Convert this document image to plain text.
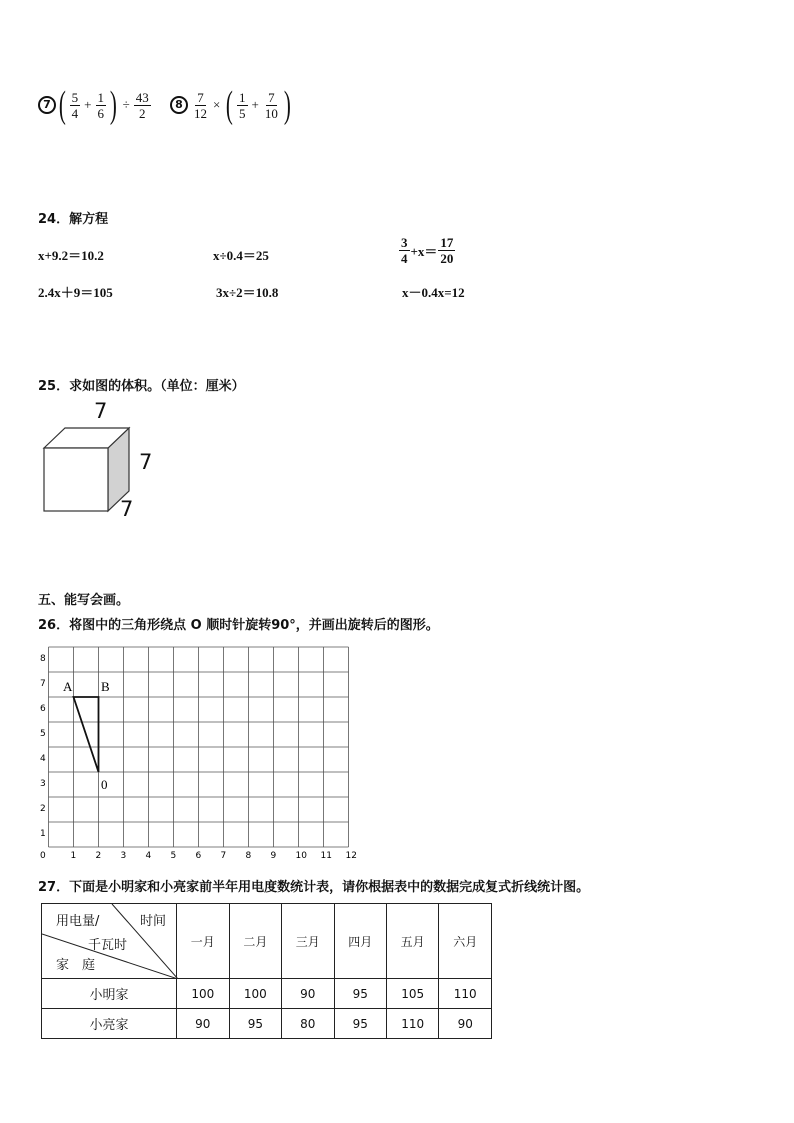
7 ( $\frac{5}{4} + \frac{1}{6}$ ) ÷ $\frac{43}{2}$	$8 \frac{7}{12}$ × ( $\frac{1}{5} + \frac{7}{10}$ )
24．解方程
x+9.2＝10.2	x÷0.4＝25	$\frac{3}{4} +x= \frac{17}{20}$
2.4x＋9＝105	3x÷2＝10.8	x－0.4x=12
25．求如图的体积。（单位：厘米）
7
7
7
五、能写会画。
26．将图中的三角形绕点 O 顺时针旋转90°，并画出旋转后的图形。
0	1 2 3 4 5 6 7 8 9 10 11 12
1
2
3
4
5
6
7
8
A B
0
27．下面是小明家和小亮家前半年用电度数统计表，请你根据表中的数据完成复式折线统计图。
用电量/ 时间
千瓦时
家　庭	一月	二月	三月	四月	五月	六月
小明家	100	100	90	95	105	110
小亮家	90	95	80	95	110	90
